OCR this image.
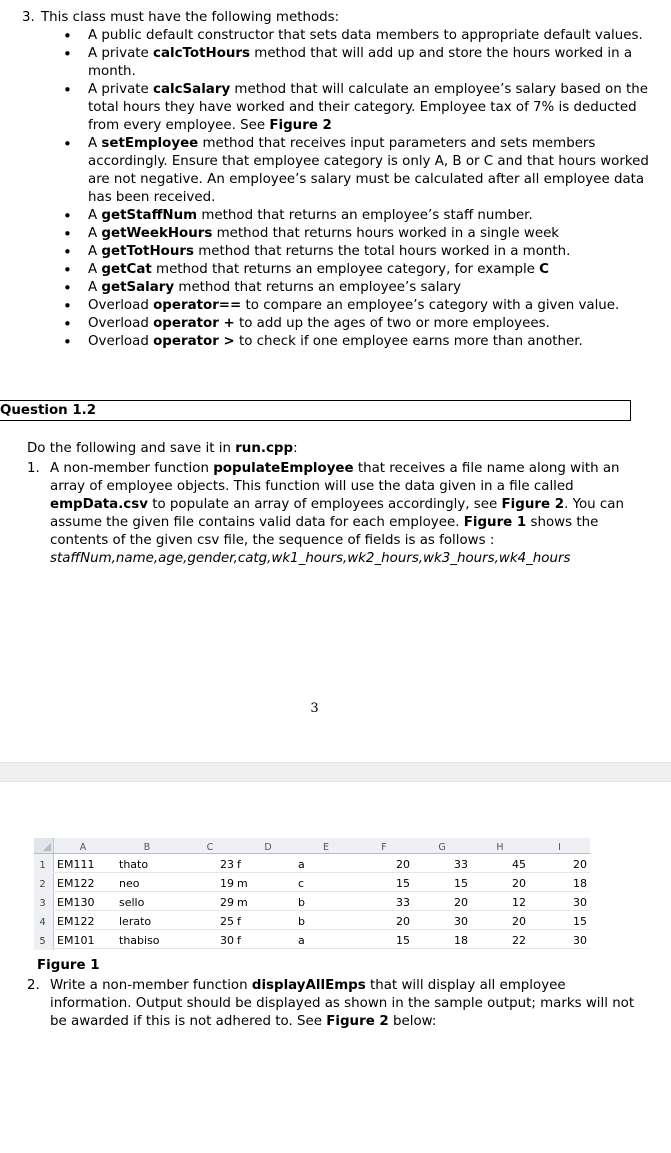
3. This class must have the following methods:
• A public default constructor that sets data members to appropriate default values.
• A private calcTotHours method that will add up and store the hours worked in a month.
• A private calcSalary method that will calculate an employee’s salary based on the total hours they have worked and their category. Employee tax of 7% is deducted from every employee. See Figure 2
• A setEmployee method that receives input parameters and sets members accordingly. Ensure that employee category is only A, B or C and that hours worked are not negative. An employee’s salary must be calculated after all employee data has been received.
• A getStaffNum method that returns an employee’s staff number.
• A getWeekHours method that returns hours worked in a single week
• A getTotHours method that returns the total hours worked in a month.
• A getCat method that returns an employee category, for example C
• A getSalary method that returns an employee’s salary
• Overload operator== to compare an employee’s category with a given value.
• Overload operator + to add up the ages of two or more employees.
• Overload operator > to check if one employee earns more than another.
Question 1.2
Do the following and save it in run.cpp:
1. A non-member function populateEmployee that receives a file name along with an array of employee objects. This function will use the data given in a file called empData.csv to populate an array of employees accordingly, see Figure 2. You can assume the given file contains valid data for each employee. Figure 1 shows the contents of the given csv file, the sequence of fields is as follows :
staffNum,name,age,gender,catg,wk1_hours,wk2_hours,wk3_hours,wk4_hours
3
A	B	C	D	E	F	G	H	I
1	EM111	thato	23 f	a	20	33	45	20
2	EM122	neo	19 m	c	15	15	20	18
3	EM130	sello	29 m	b	33	20	12	30
4	EM122	lerato	25 f	b	20	30	20	15
5	EM101	thabiso	30 f	a	15	18	22	30
Figure 1
2. Write a non-member function displayAllEmps that will display all employee information. Output should be displayed as shown in the sample output; marks will not be awarded if this is not adhered to. See Figure 2 below:
